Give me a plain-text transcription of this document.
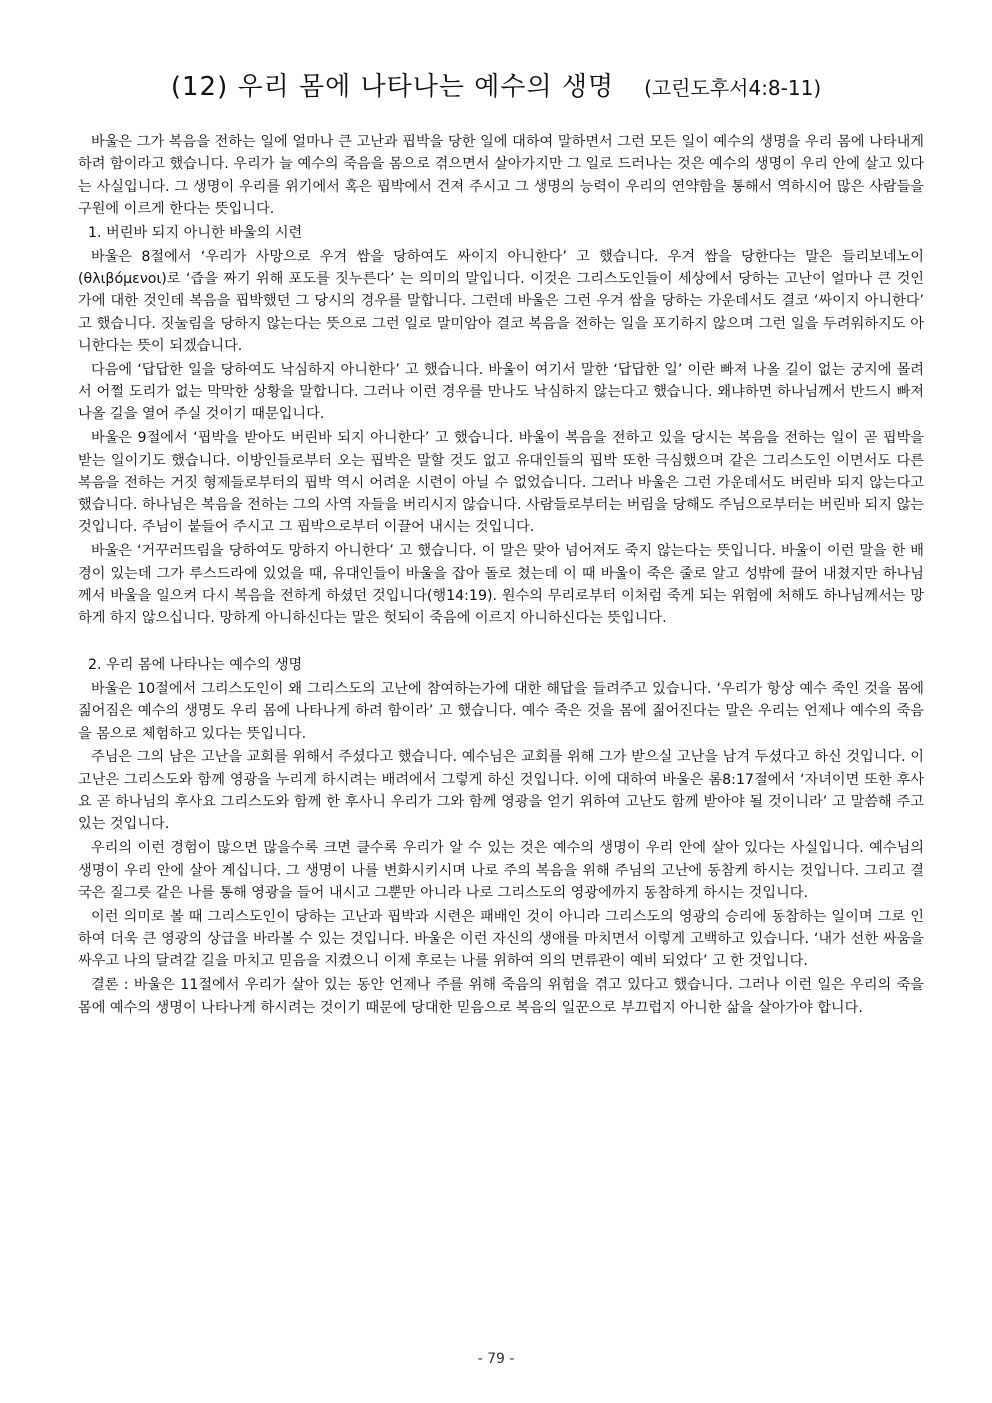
(12) 우리 몸에 나타나는 예수의 생명 (고린도후서4:8-11)

바울은 그가 복음을 전하는 일에 얼마나 큰 고난과 핍박을 당한 일에 대하여 말하면서 그런 모든 일이 예수의 생명을 우리 몸에 나타내게 하려 함이라고 했습니다. 우리가 늘 예수의 죽음을 몸으로 겪으면서 살아가지만 그 일로 드러나는 것은 예수의 생명이 우리 안에 살고 있다는 사실입니다. 그 생명이 우리를 위기에서 혹은 핍박에서 건져 주시고 그 생명의 능력이 우리의 연약함을 통해서 역하시어 많은 사람들을 구원에 이르게 한다는 뜻입니다.

1. 버린바 되지 아니한 바울의 시련

바울은 8절에서 ‘우리가 사망으로 우겨 쌈을 당하여도 싸이지 아니한다’ 고 했습니다. 우겨 쌈을 당한다는 말은 들리보네노이(θλιβόμενοι)로 ‘즙을 짜기 위해 포도를 짓누른다’ 는 의미의 말입니다. 이것은 그리스도인들이 세상에서 당하는 고난이 얼마나 큰 것인가에 대한 것인데 복음을 핍박했던 그 당시의 경우를 말합니다. 그런데 바울은 그런 우겨 쌈을 당하는 가운데서도 결코 ‘싸이지 아니한다’ 고 했습니다. 짓눌림을 당하지 않는다는 뜻으로 그런 일로 말미암아 결코 복음을 전하는 일을 포기하지 않으며 그런 일을 두려워하지도 아니한다는 뜻이 되겠습니다.

다음에 ‘답답한 일을 당하여도 낙심하지 아니한다’ 고 했습니다. 바울이 여기서 말한 ‘답답한 일’ 이란 빠져 나올 길이 없는 궁지에 몰려서 어쩔 도리가 없는 막막한 상황을 말합니다. 그러나 이런 경우를 만나도 낙심하지 않는다고 했습니다. 왜냐하면 하나님께서 반드시 빠져 나올 길을 열어 주실 것이기 때문입니다.

바울은 9절에서 ‘핍박을 받아도 버린바 되지 아니한다’ 고 했습니다. 바울이 복음을 전하고 있을 당시는 복음을 전하는 일이 곧 핍박을 받는 일이기도 했습니다. 이방인들로부터 오는 핍박은 말할 것도 없고 유대인들의 핍박 또한 극심했으며 같은 그리스도인 이면서도 다른 복음을 전하는 거짓 형제들로부터의 핍박 역시 어려운 시련이 아닐 수 없었습니다. 그러나 바울은 그런 가운데서도 버린바 되지 않는다고 했습니다. 하나님은 복음을 전하는 그의 사역 자들을 버리시지 않습니다. 사람들로부터는 버림을 당해도 주님으로부터는 버린바 되지 않는 것입니다. 주님이 붙들어 주시고 그 핍박으로부터 이끌어 내시는 것입니다.

바울은 ‘거꾸러뜨림을 당하여도 망하지 아니한다’ 고 했습니다. 이 말은 맞아 넘어져도 죽지 않는다는 뜻입니다. 바울이 이런 말을 한 배경이 있는데 그가 루스드라에 있었을 때, 유대인들이 바울을 잡아 돌로 쳤는데 이 때 바울이 죽은 줄로 알고 성밖에 끌어 내쳤지만 하나님께서 바울을 일으켜 다시 복음을 전하게 하셨던 것입니다(행14:19). 원수의 무리로부터 이처럼 죽게 되는 위험에 처해도 하나님께서는 망하게 하지 않으십니다. 망하게 아니하신다는 말은 헛되이 죽음에 이르지 아니하신다는 뜻입니다.

2. 우리 몸에 나타나는 예수의 생명

바울은 10절에서 그리스도인이 왜 그리스도의 고난에 참여하는가에 대한 해답을 들려주고 있습니다. ‘우리가 항상 예수 죽인 것을 몸에 짊어짐은 예수의 생명도 우리 몸에 나타나게 하려 함이라’ 고 했습니다. 예수 죽은 것을 몸에 짊어진다는 말은 우리는 언제나 예수의 죽음을 몸으로 체험하고 있다는 뜻입니다.

주님은 그의 남은 고난을 교회를 위해서 주셨다고 했습니다. 예수님은 교회를 위해 그가 받으실 고난을 남겨 두셨다고 하신 것입니다. 이 고난은 그리스도와 함께 영광을 누리게 하시려는 배려에서 그렇게 하신 것입니다. 이에 대하여 바울은 롬8:17절에서 ‘자녀이면 또한 후사요 곧 하나님의 후사요 그리스도와 함께 한 후사니 우리가 그와 함께 영광을 얻기 위하여 고난도 함께 받아야 될 것이니라’ 고 말씀해 주고 있는 것입니다.

우리의 이런 경험이 많으면 많을수록 크면 클수록 우리가 알 수 있는 것은 예수의 생명이 우리 안에 살아 있다는 사실입니다. 예수님의 생명이 우리 안에 살아 계십니다. 그 생명이 나를 변화시키시며 나로 주의 복음을 위해 주님의 고난에 동참케 하시는 것입니다. 그리고 결국은 질그릇 같은 나를 통해 영광을 들어 내시고 그뿐만 아니라 나로 그리스도의 영광에까지 동참하게 하시는 것입니다.

이런 의미로 볼 때 그리스도인이 당하는 고난과 핍박과 시련은 패배인 것이 아니라 그리스도의 영광의 승리에 동참하는 일이며 그로 인하여 더욱 큰 영광의 상급을 바라볼 수 있는 것입니다. 바울은 이런 자신의 생애를 마치면서 이렇게 고백하고 있습니다. ‘내가 선한 싸움을 싸우고 나의 달려갈 길을 마치고 믿음을 지켰으니 이제 후로는 나를 위하여 의의 면류관이 예비 되었다’ 고 한 것입니다.

결론 : 바울은 11절에서 우리가 살아 있는 동안 언제나 주를 위해 죽음의 위험을 겪고 있다고 했습니다. 그러나 이런 일은 우리의 죽을 몸에 예수의 생명이 나타나게 하시려는 것이기 때문에 당대한 믿음으로 복음의 일꾼으로 부끄럽지 아니한 삶을 살아가야 합니다.

- 79 -
